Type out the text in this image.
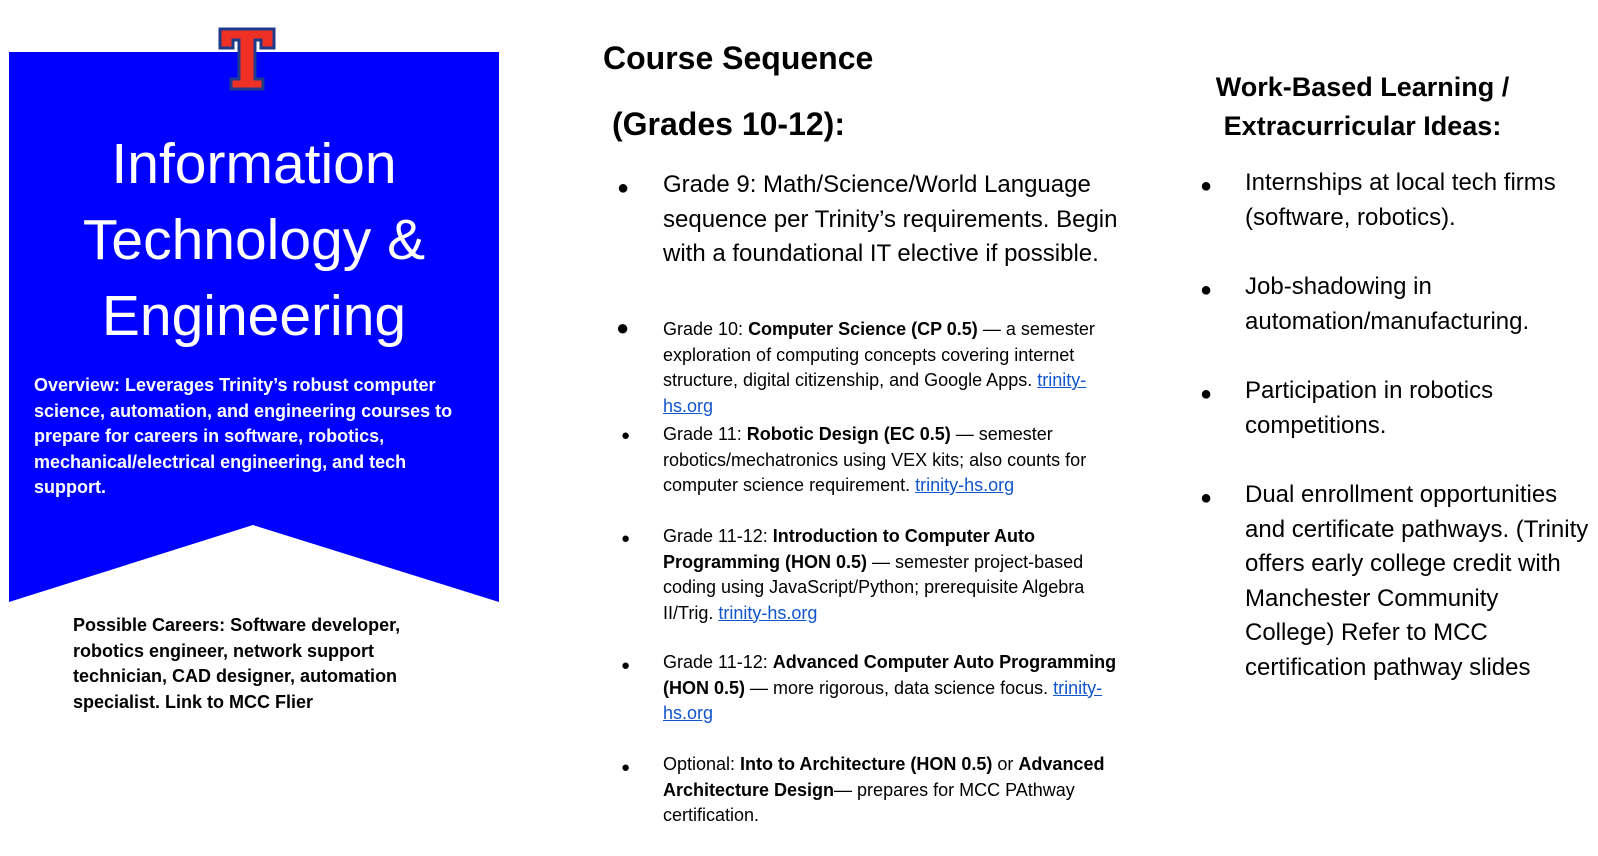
Information
Technology &
Engineering
Overview: Leverages Trinity’s robust computer science, automation, and engineering courses to prepare for careers in software, robotics, mechanical/electrical engineering, and tech support.
Possible Careers: Software developer, robotics engineer, network support technician, CAD designer, automation specialist. Link to MCC Flier
Course Sequence
(Grades 10-12):
● Grade 9: Math/Science/World Language sequence per Trinity’s requirements. Begin with a foundational IT elective if possible.
● Grade 10: Computer Science (CP 0.5) — a semester exploration of computing concepts covering internet structure, digital citizenship, and Google Apps. trinity-hs.org
● Grade 11: Robotic Design (EC 0.5) — semester robotics/mechatronics using VEX kits; also counts for computer science requirement. trinity-hs.org
● Grade 11-12: Introduction to Computer Auto Programming (HON 0.5) — semester project-based coding using JavaScript/Python; prerequisite Algebra II/Trig. trinity-hs.org
● Grade 11-12: Advanced Computer Auto Programming (HON 0.5) — more rigorous, data science focus. trinity-hs.org
● Optional: Into to Architecture (HON 0.5) or Advanced Architecture Design— prepares for MCC PAthway certification.
Work-Based Learning /
Extracurricular Ideas:
● Internships at local tech firms (software, robotics).
● Job-shadowing in automation/manufacturing.
● Participation in robotics competitions.
● Dual enrollment opportunities and certificate pathways. (Trinity offers early college credit with Manchester Community College) Refer to MCC certification pathway slides
